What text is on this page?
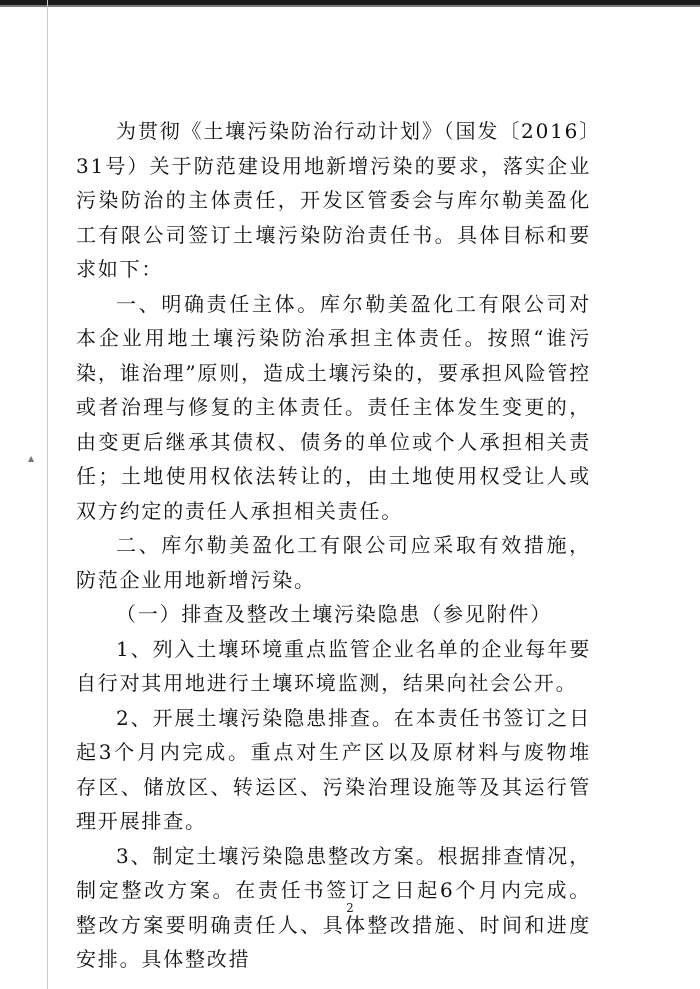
▲

为贯彻《土壤污染防治行动计划》（国发〔2016〕31号）关于防范建设用地新增污染的要求，落实企业污染防治的主体责任，开发区管委会与库尔勒美盈化工有限公司签订土壤污染防治责任书。具体目标和要求如下：

一、明确责任主体。库尔勒美盈化工有限公司对本企业用地土壤污染防治承担主体责任。按照“谁污染，谁治理”原则，造成土壤污染的，要承担风险管控或者治理与修复的主体责任。责任主体发生变更的，由变更后继承其债权、债务的单位或个人承担相关责任；土地使用权依法转让的，由土地使用权受让人或双方约定的责任人承担相关责任。

二、库尔勒美盈化工有限公司应采取有效措施，防范企业用地新增污染。

（一）排查及整改土壤污染隐患（参见附件）

1、列入土壤环境重点监管企业名单的企业每年要自行对其用地进行土壤环境监测，结果向社会公开。

2、开展土壤污染隐患排查。在本责任书签订之日起3个月内完成。重点对生产区以及原材料与废物堆存区、储放区、转运区、污染治理设施等及其运行管理开展排查。

3、制定土壤污染隐患整改方案。根据排查情况，制定整改方案。在责任书签订之日起6个月内完成。整改方案要明确责任人、具体整改措施、时间和进度安排。具体整改措

2
